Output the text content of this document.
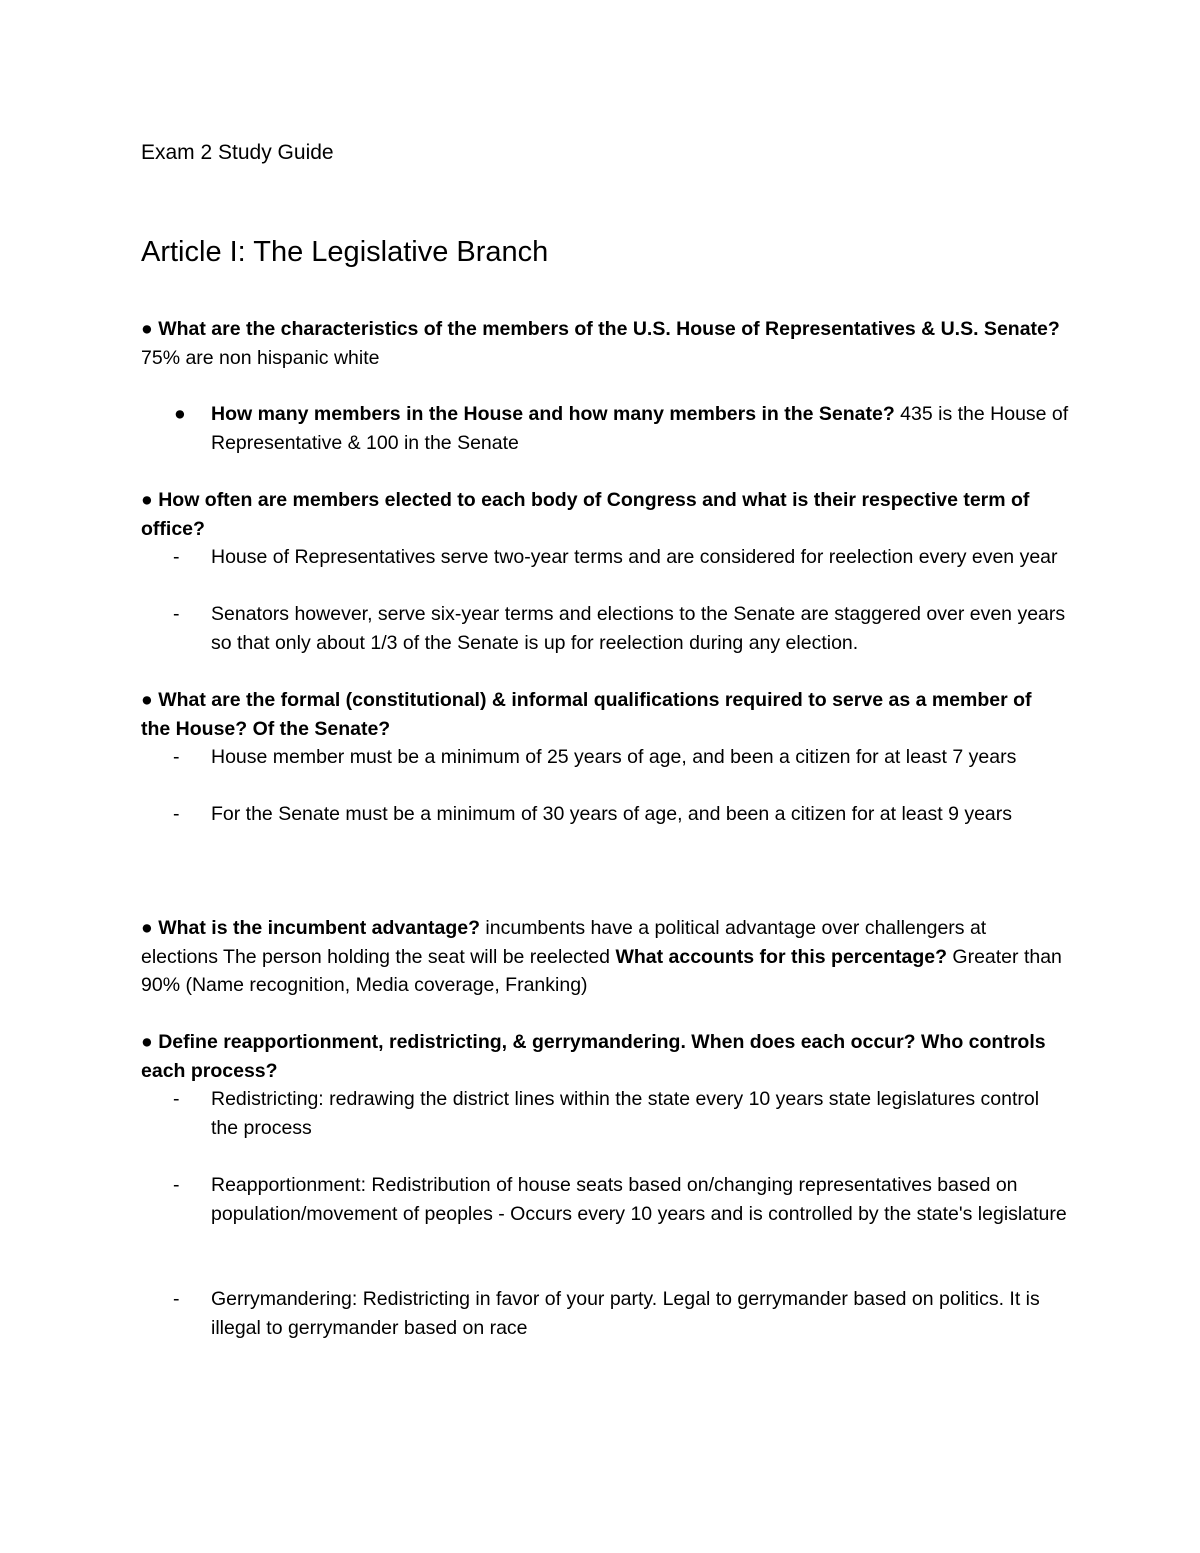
Exam 2 Study Guide
Article I: The Legislative Branch

● What are the characteristics of the members of the U.S. House of Representatives & U.S. Senate? 75% are non hispanic white

● How many members in the House and how many members in the Senate? 435 is the House of Representative & 100 in the Senate

● How often are members elected to each body of Congress and what is their respective term of office?

- House of Representatives serve two-year terms and are considered for reelection every even year

- Senators however, serve six-year terms and elections to the Senate are staggered over even years so that only about 1/3 of the Senate is up for reelection during any election.

● What are the formal (constitutional) & informal qualifications required to serve as a member of the House? Of the Senate?

- House member must be a minimum of 25 years of age, and been a citizen for at least 7 years

- For the Senate must be a minimum of 30 years of age, and been a citizen for at least 9 years

● What is the incumbent advantage? incumbents have a political advantage over challengers at elections The person holding the seat will be reelected What accounts for this percentage? Greater than 90% (Name recognition, Media coverage, Franking)

● Define reapportionment, redistricting, & gerrymandering. When does each occur? Who controls each process?

- Redistricting: redrawing the district lines within the state every 10 years state legislatures control the process

- Reapportionment: Redistribution of house seats based on/changing representatives based on population/movement of peoples - Occurs every 10 years and is controlled by the state's legislature

- Gerrymandering: Redistricting in favor of your party. Legal to gerrymander based on politics. It is illegal to gerrymander based on race
